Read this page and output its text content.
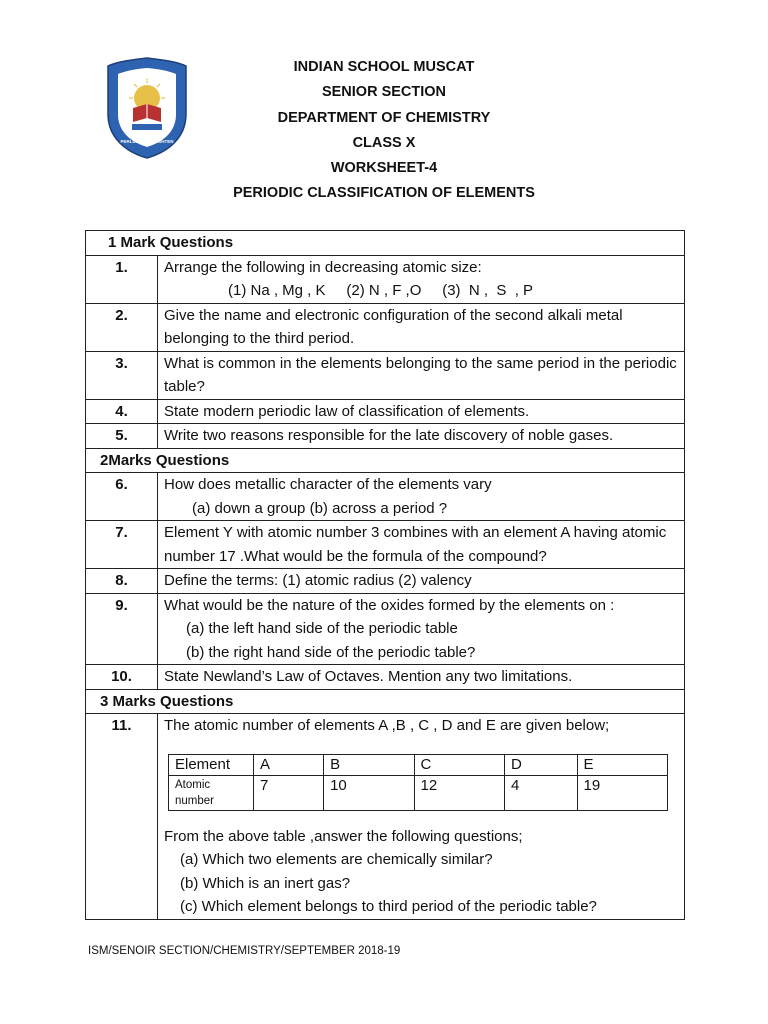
INDIAN SCHOOL MUSCAT
PERLUS TO ENLIGHTEN
INDIAN SCHOOL MUSCAT
SENIOR SECTION
DEPARTMENT OF CHEMISTRY
CLASS X
WORKSHEET-4
PERIODIC CLASSIFICATION OF ELEMENTS
1 Mark Questions
1.	Arrange the following in decreasing atomic size:
(1) Na , Mg , K     (2) N , F ,O     (3)  N ,  S  , P

2.	Give the name and electronic configuration of the second alkali metal belonging to the third period.
3.	What is common in the elements belonging to the same period in the periodic table?
4.	State modern periodic law of classification of elements.
5.	Write two reasons responsible for the late discovery of noble gases.
2Marks Questions
6.	How does metallic character of the elements vary
(a) down a group (b) across a period ?

7.	Element Y with atomic number 3 combines with an element A having atomic number 17 .What would be the formula of the compound?
8.	Define the terms: (1) atomic radius (2) valency
9.	What would be the nature of the oxides formed by the elements on :
(a) the left hand side of the periodic table
(b) the right hand side of the periodic table?

10.	State Newland’s Law of Octaves. Mention any two limitations.
3 Marks Questions
11.	The atomic number of elements A ,B , C , D and E are given below;
Element	A	B	C	D	E
Atomic number	7	10	12	4	19
From the above table ,answer the following questions;
(a) Which two elements are chemically similar?
(b) Which is an inert gas?
(c) Which element belongs to third period of the periodic table?
ISM/SENOIR SECTION/CHEMISTRY/SEPTEMBER 2018-19
